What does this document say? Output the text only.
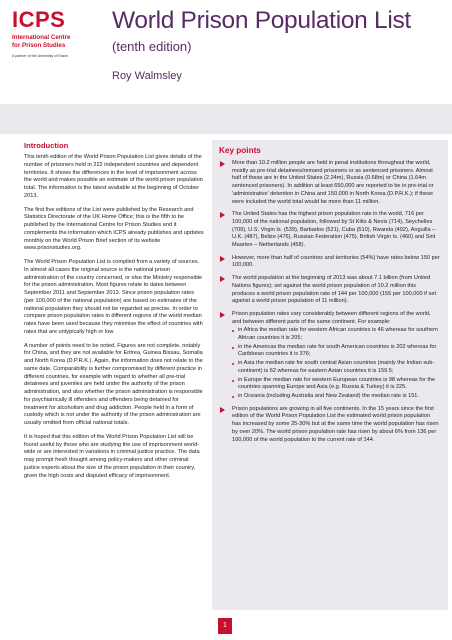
ICPS
International Centre
for Prison Studies
A partner of the University of Essex
World Prison Population List
(tenth edition)
Roy Walmsley
Introduction

This tenth edition of the World Prison Population List gives details of the number of prisoners held in 222 independent countries and dependent territories. It shows the differences in the level of imprisonment across the world and makes possible an estimate of the world prison population total. The information is the latest available at the beginning of October 2013.

The first five editions of the List were published by the Research and Statistics Directorate of the UK Home Office; this is the fifth to be published by the International Centre for Prison Studies and it complements the information which ICPS already publishes and updates monthly on the World Prison Brief section of its website www.prisonstudies.org.

The World Prison Population List is compiled from a variety of sources. In almost all cases the original source is the national prison administration of the country concerned, or else the Ministry responsible for the prison administration. Most figures relate to dates between September 2011 and September 2013. Since prison population rates (per 100,000 of the national population) are based on estimates of the national population they should not be regarded as precise. In order to compare prison population rates in different regions of the world median rates have been used because they minimise the effect of countries with rates that are untypically high or low.

A number of points need to be noted. Figures are not complete, notably for China, and they are not available for Eritrea, Guinea Bissau, Somalia and North Korea (D.P.R.K.). Again, the information does not relate to the same date. Comparability is further compromised by different practice in different countries, for example with regard to whether all pre-trial detainees and juveniles are held under the authority of the prison administration, and also whether the prison administration is responsible for psychiatrically ill offenders and offenders being detained for treatment for alcoholism and drug addiction. People held in a form of custody which is not under the authority of the prison administration are usually omitted from official national totals.

It is hoped that this edition of the World Prison Population List will be found useful by those who are studying the use of imprisonment world-wide or are interested in variations in criminal justice practice. The data may prompt fresh thought among policy-makers and other criminal justice experts about the size of the prison population in their country, given the high costs and disputed efficacy of imprisonment.

Key points
More than 10.2 million people are held in penal institutions throughout the world, mostly as pre-trial detainees/remand prisoners or as sentenced prisoners. Almost half of these are in the United States (2.24m), Russia (0.68m) or China (1.64m sentenced prisoners). In addition at least 650,000 are reported to be in pre-trial or 'administrative' detention in China and 150,000 in North Korea (D.P.R.K.); if these were included the world total would be more than 11 million.
The United States has the highest prison population rate in the world, 716 per 100,000 of the national population, followed by St Kitts & Nevis (714), Seychelles (709), U.S. Virgin Is. (539), Barbados (521), Cuba (510), Rwanda (492), Anguilla – U.K. (487), Belize (476), Russian Federation (475), British Virgin Is. (460) and Sint Maarten – Netherlands (458).
However, more than half of countries and territories (54%) have rates below 150 per 100,000.
The world population at the beginning of 2013 was about 7.1 billion (from United Nations figures); set against the world prison population of 10.2 million this produces a world prison population rate of 144 per 100,000 (155 per 100,000 if set against a world prison population of 11 million).
Prison population rates vary considerably between different regions of the world, and between different parts of the same continent. For example:
in Africa the median rate for western African countries is 46 whereas for southern African countries it is 205;
in the Americas the median rate for south American countries is 202 whereas for Caribbean countries it is 376;
in Asia the median rate for south central Asian countries (mainly the Indian sub-continent) is 62 whereas for eastern Asian countries it is 159.5;
in Europe the median rate for western European countries is 98 whereas for the countries spanning Europe and Asia (e.g. Russia & Turkey) it is 225.
in Oceania (including Australia and New Zealand) the median rate is 151.
Prison populations are growing in all five continents. In the 15 years since the first edition of the World Prison Population List the estimated world prison population has increased by some 25-30% but at the same time the world population has risen by over 20%. The world prison population rate has risen by about 6% from 136 per 100,000 of the world population to the current rate of 144.
1
